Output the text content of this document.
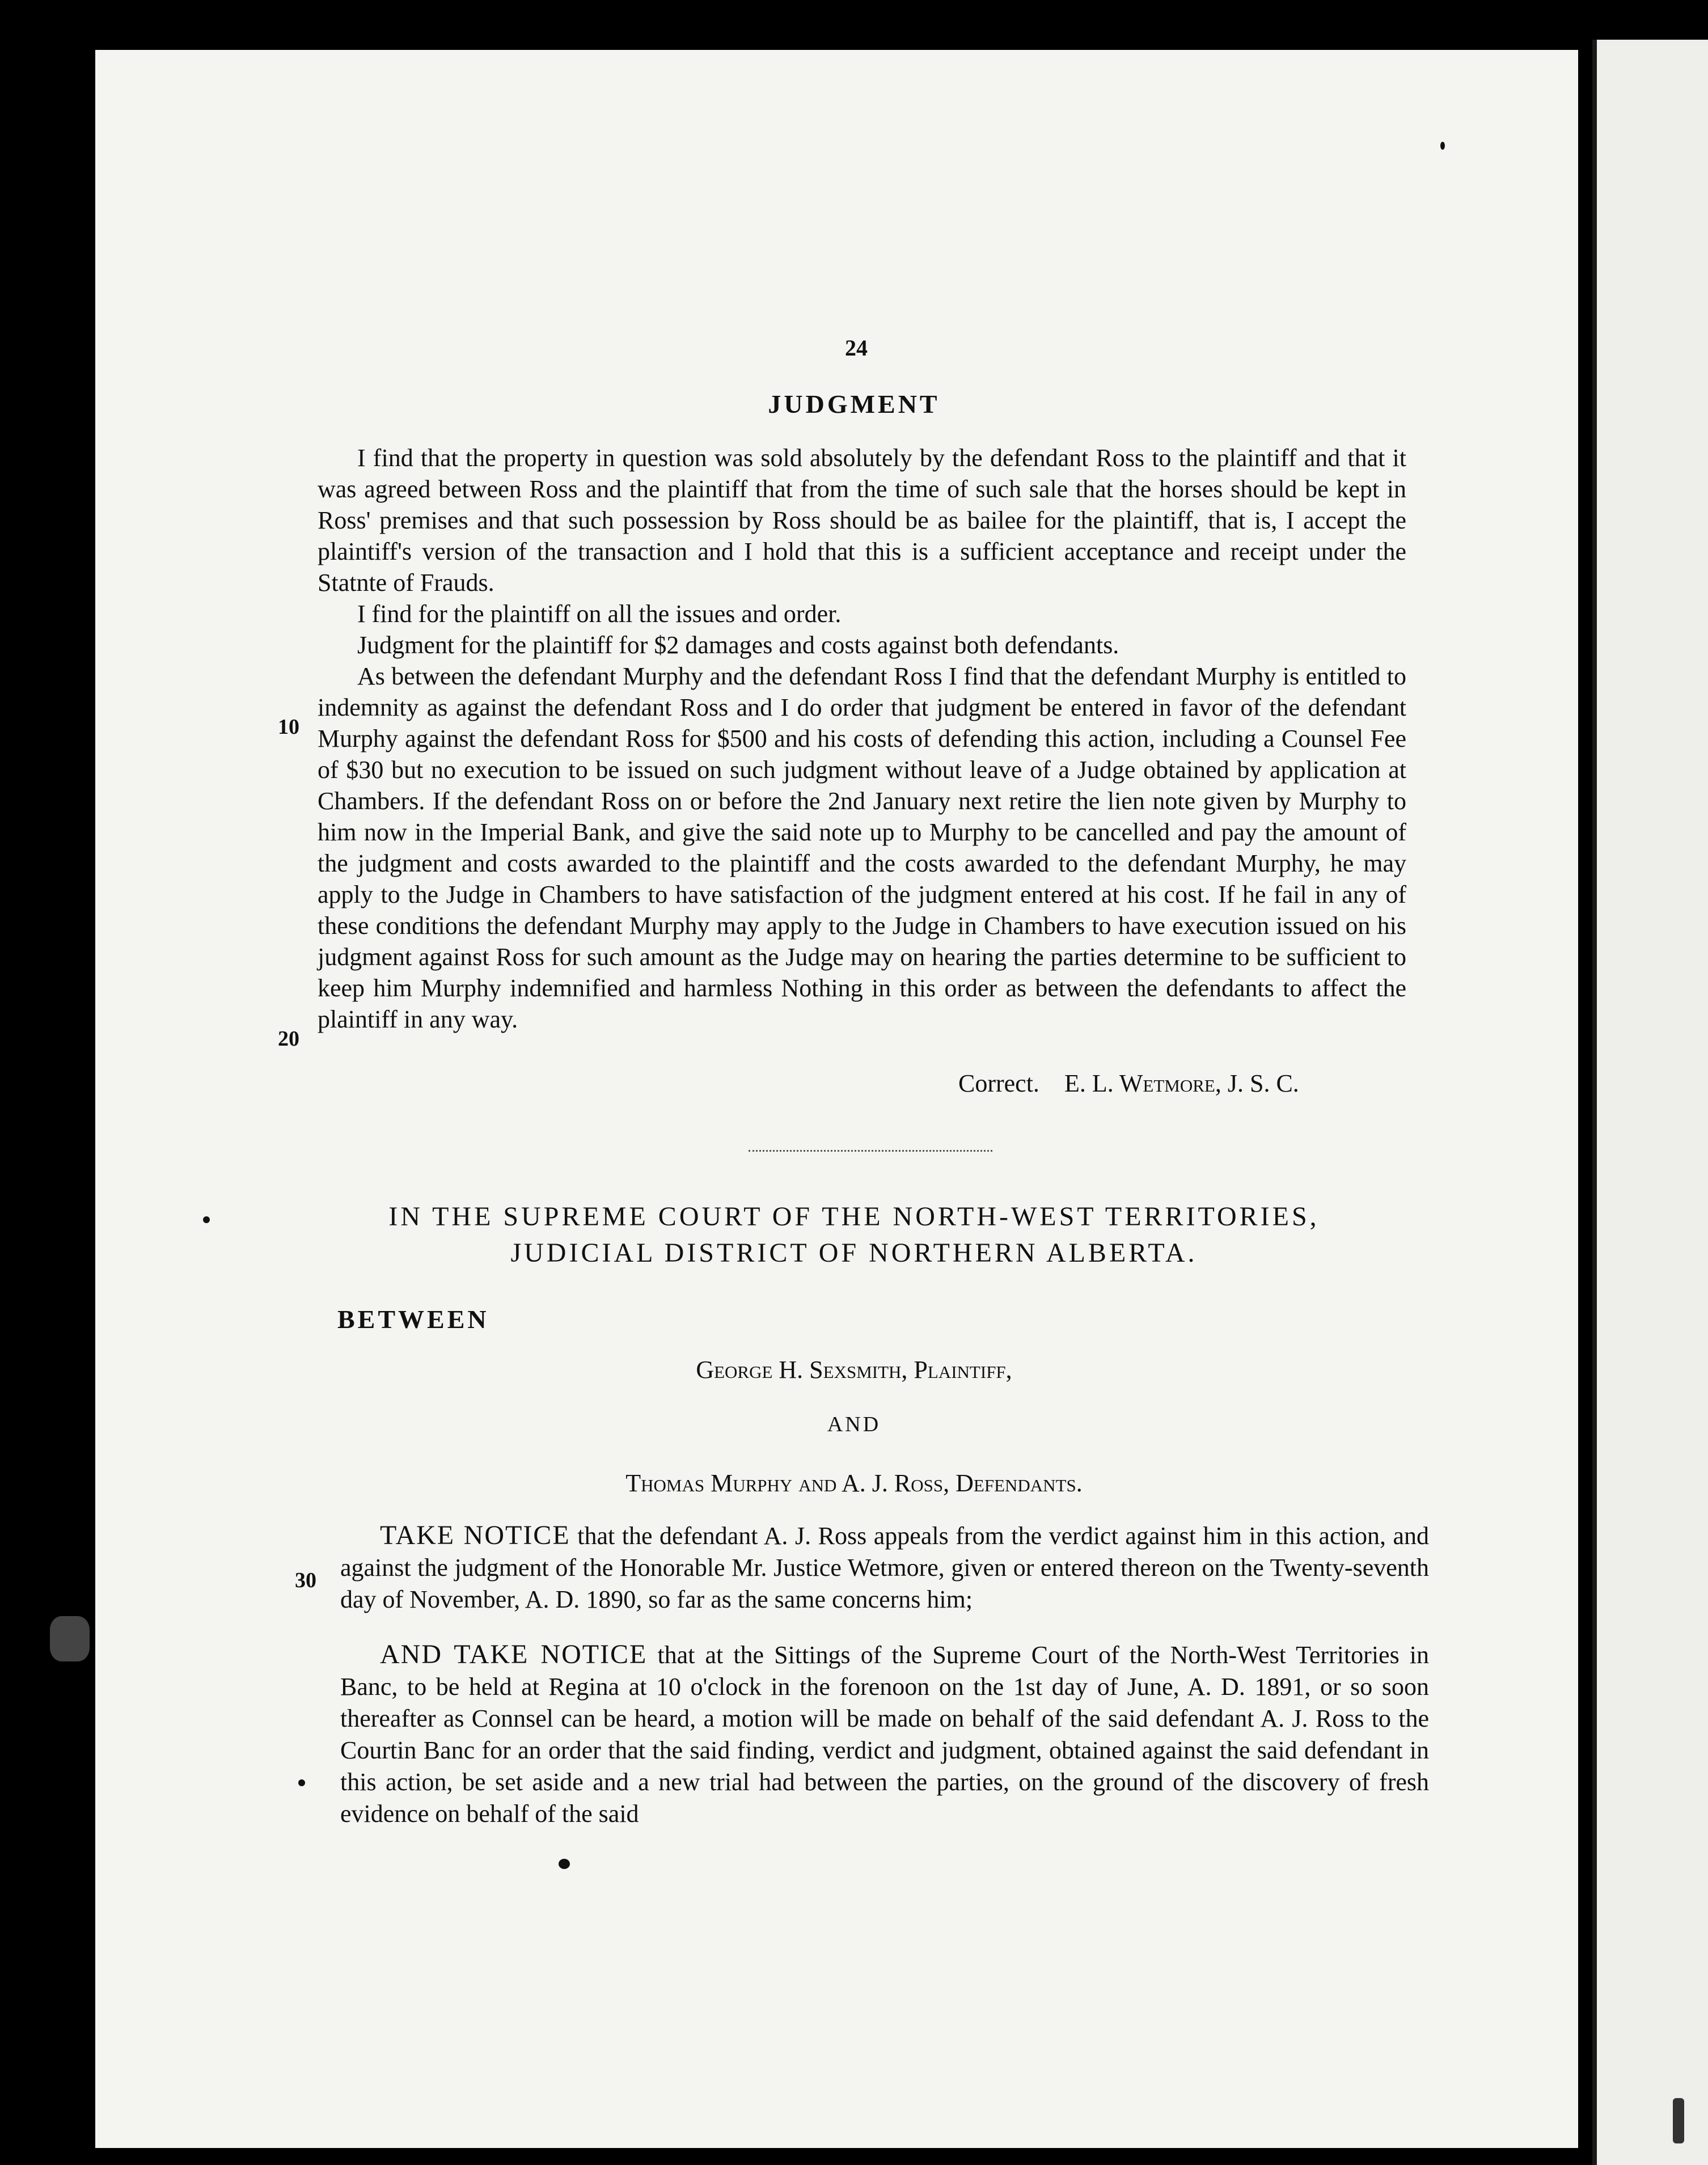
24
JUDGMENT

I find that the property in question was sold absolutely by the defendant Ross to the plaintiff and that it was agreed between Ross and the plaintiff that from the time of such sale that the horses should be kept in Ross' premises and that such possession by Ross should be as bailee for the plaintiff, that is, I accept the plaintiff's version of the transaction and I hold that this is a sufficient acceptance and receipt under the Statnte of Frauds.

I find for the plaintiff on all the issues and order.

Judgment for the plaintiff for $2 damages and costs against both defendants.

As between the defendant Murphy and the defendant Ross I find that the defendant Murphy is entitled to indemnity as against the defendant Ross and I do order that judgment be entered in favor of the defendant Murphy against the defendant Ross for $500 and his costs of defending this action, including a Counsel Fee of $30 but no execution to be issued on such judgment without leave of a Judge obtained by application at Chambers. If the defendant Ross on or before the 2nd January next retire the lien note given by Murphy to him now in the Imperial Bank, and give the said note up to Murphy to be cancelled and pay the amount of the judgment and costs awarded to the plaintiff and the costs awarded to the defendant Murphy, he may apply to the Judge in Chambers to have satisfaction of the judgment entered at his cost. If he fail in any of these conditions the defendant Murphy may apply to the Judge in Chambers to have execution issued on his judgment against Ross for such amount as the Judge may on hearing the parties determine to be sufficient to keep him Murphy indemnified and harmless Nothing in this order as between the defendants to affect the plaintiff in any way.

10
20
30
Correct. E. L. Wetmore, J. S. C.
IN THE SUPREME COURT OF THE NORTH-WEST TERRITORIES,
JUDICIAL DISTRICT OF NORTHERN ALBERTA.
BETWEEN
George H. Sexsmith, Plaintiff,
AND
Thomas Murphy and A. J. Ross, Defendants.

TAKE NOTICE that the defendant A. J. Ross appeals from the verdict against him in this action, and against the judgment of the Honorable Mr. Justice Wetmore, given or entered thereon on the Twenty-seventh day of November, A. D. 1890, so far as the same concerns him;

AND TAKE NOTICE that at the Sittings of the Supreme Court of the North-West Territories in Banc, to be held at Regina at 10 o'clock in the forenoon on the 1st day of June, A. D. 1891, or so soon thereafter as Connsel can be heard, a motion will be made on behalf of the said defendant A. J. Ross to the Courtin Banc for an order that the said finding, verdict and judgment, obtained against the said defendant in this action, be set aside and a new trial had between the parties, on the ground of the discovery of fresh evidence on behalf of the said
